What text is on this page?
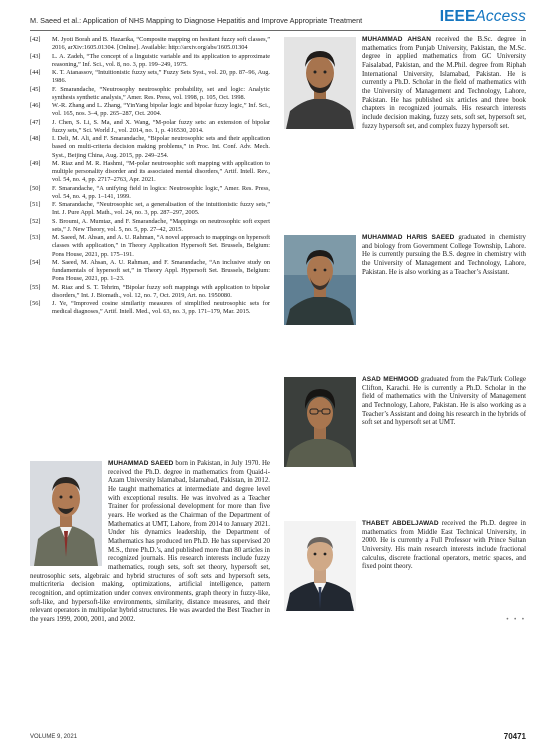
M. Saeed et al.: Application of NHS Mapping to Diagnose Hepatitis and Improve Appropriate Treatment	IEEEAccess
[42] M. Jyoti Borah and B. Hazarika, “Composite mapping on hesitant fuzzy soft classes,” 2016, arXiv:1605.01304. [Online]. Available: http://arxiv.org/abs/1605.01304
[43] L. A. Zadeh, “The concept of a linguistic variable and its application to approximate reasoning,” Inf. Sci., vol. 8, no. 3, pp. 199–249, 1975.
[44] K. T. Atanassov, “Intuitionistic fuzzy sets,” Fuzzy Sets Syst., vol. 20, pp. 87–96, Aug. 1986.
[45] F. Smarandache, “Neutrosophy neutrosophic probability, set and logic: Analytic synthesis synthetic analysis,” Amer. Res. Press, vol. 1998, p. 105, Oct. 1998.
[46] W.-R. Zhang and L. Zhang, “YinYang bipolar logic and bipolar fuzzy logic,” Inf. Sci., vol. 165, nos. 3–4, pp. 265–287, Oct. 2004.
[47] J. Chen, S. Li, S. Ma, and X. Wang, “M-polar fuzzy sets: an extension of bipolar fuzzy sets,” Sci. World J., vol. 2014, no. 1, p. 416530, 2014.
[48] I. Deli, M. Ali, and F. Smarandache, “Bipolar neutrosophic sets and their application based on multi-criteria decision making problems,” in Proc. Int. Conf. Adv. Mech. Syst., Beijing China, Aug. 2015, pp. 249–254.
[49] M. Riaz and M. R. Hashmi, “M-polar neutrosophic soft mapping with application to multiple personality disorder and its associated mental disorders,” Artif. Intell. Rev., vol. 54, no. 4, pp. 2717–2763, Apr. 2021.
[50] F. Smarandache, “A unifying field in logics: Neutrosophic logic,” Amer. Res. Press, vol. 54, no. 4, pp. 1–141, 1999.
[51] F. Smarandache, “Neutrosophic set, a generalisation of the intuitionistic fuzzy sets,” Int. J. Pure Appl. Math., vol. 24, no. 3, pp. 287–297, 2005.
[52] S. Broumi, A. Mumtaz, and F. Smarandache, “Mappings on neutrosophic soft expert sets,” J. New Theory, vol. 5, no. 5, pp. 27–42, 2015.
[53] M. Saeed, M. Ahsan, and A. U. Rahman, “A novel approach to mappings on hypersoft classes with application,” in Theory Application Hypersoft Set. Brussels, Belgium: Pons House, 2021, pp. 175–191.
[54] M. Saeed, M. Ahsan, A. U. Rahman, and F. Smarandache, “An inclusive study on fundamentals of hypersoft set,” in Theory Appl. Hypersoft Set. Brussels, Belgium: Pons House, 2021, pp. 1–23.
[55] M. Riaz and S. T. Tehrim, “Bipolar fuzzy soft mappings with application to bipolar disorders,” Int. J. Biomath., vol. 12, no. 7, Oct. 2019, Art. no. 1950080.
[56] J. Ye, “Improved cosine similarity measures of simplified neutrosophic sets for medical diagnoses,” Artif. Intell. Med., vol. 63, no. 3, pp. 171–179, Mar. 2015.
MUHAMMAD SAEED born in Pakistan, in July 1970. He received the Ph.D. degree in mathematics from Quaid-i-Azam University Islamabad, Islamabad, Pakistan, in 2012. He taught mathematics at intermediate and degree level with exceptional results. He was involved as a Teacher Trainer for professional development for more than five years. He worked as the Chairman of the Department of Mathematics at UMT, Lahore, from 2014 to January 2021. Under his dynamics leadership, the Department of Mathematics has produced ten Ph.D. He has supervised 20 M.S., three Ph.D.’s, and published more than 80 articles in recognized journals. His research interests include fuzzy mathematics, rough sets, soft set theory, hypersoft set, neutrosophic sets, algebraic and hybrid structures of soft sets and hypersoft sets, multicriteria decision making, optimizations, artificial intelligence, pattern recognition, and optimization under convex environments, graph theory in fuzzy-like, soft-like, and hypersoft-like environments, similarity, distance measures, and their relevant operators in multipolar hybrid structures. He was awarded the Best Teacher in the years 1999, 2000, 2001, and 2002.
MUHAMMAD AHSAN received the B.Sc. degree in mathematics from Punjab University, Pakistan, the M.Sc. degree in applied mathematics from GC University Faisalabad, Pakistan, and the M.Phil. degree from Riphah International University, Islamabad, Pakistan. He is currently a Ph.D. Scholar in the field of mathematics with the University of Management and Technology, Lahore, Pakistan. He has published six articles and three book chapters in recognized journals. His research interests include decision making, fuzzy sets, soft set, hypersoft set, fuzzy hypersoft set, and complex fuzzy hypersoft set.
MUHAMMAD HARIS SAEED graduated in chemistry and biology from Government College Township, Lahore. He is currently pursuing the B.S. degree in chemistry with the University of Management and Technology, Lahore, Pakistan. He is also working as a Teacher’s Assistant.
ASAD MEHMOOD graduated from the Pak/Turk College Clifton, Karachi. He is currently a Ph.D. Scholar in the field of mathematics with the University of Management and Technology, Lahore, Pakistan. He is also working as a Teacher’s Assistant and doing his research in the hybrids of soft set and hypersoft set at UMT.
THABET ABDELJAWAD received the Ph.D. degree in mathematics from Middle East Technical University, in 2000. He is currently a Full Professor with Prince Sultan University. His main research interests include fractional calculus, discrete fractional operators, metric spaces, and fixed point theory.
• • •
VOLUME 9, 2021	70471
